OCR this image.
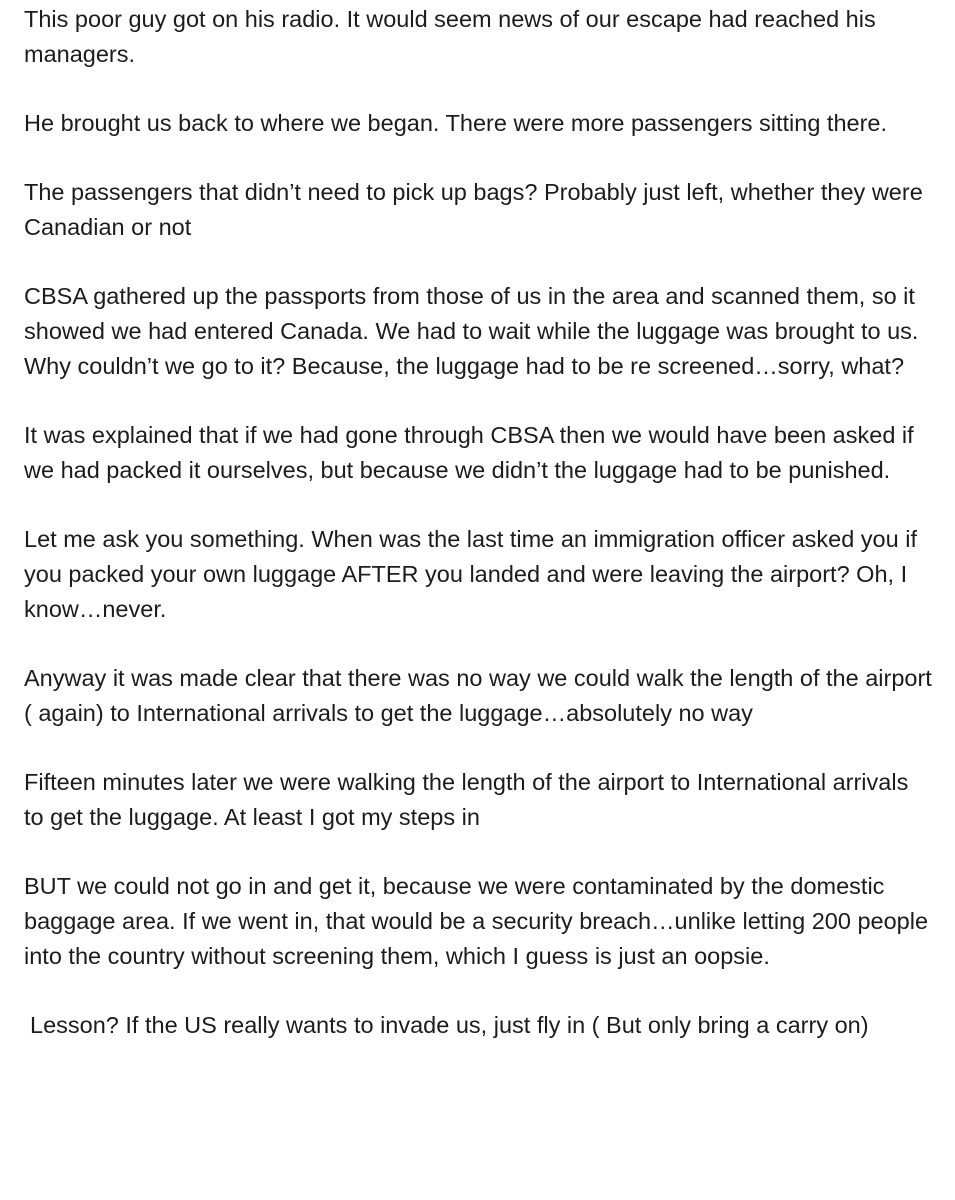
This poor guy got on his radio. It would seem news of our escape had reached his managers.

He brought us back to where we began. There were more passengers sitting there.

The passengers that didn’t need to pick up bags? Probably just left, whether they were Canadian or not

CBSA gathered up the passports from those of us in the area and scanned them, so it showed we had entered Canada. We had to wait while the luggage was brought to us. Why couldn’t we go to it? Because, the luggage had to be re screened…sorry, what?

It was explained that if we had gone through CBSA then we would have been asked if we had packed it ourselves, but because we didn’t the luggage had to be punished.

Let me ask you something. When was the last time an immigration officer asked you if you packed your own luggage AFTER you landed and were leaving the airport? Oh, I know…never.

Anyway it was made clear that there was no way we could walk the length of the airport ( again) to International arrivals to get the luggage…absolutely no way

Fifteen minutes later we were walking the length of the airport to International arrivals to get the luggage. At least I got my steps in

BUT we could not go in and get it, because we were contaminated by the domestic baggage area. If we went in, that would be a security breach…unlike letting 200 people into the country without screening them, which I guess is just an oopsie.

Lesson? If the US really wants to invade us, just fly in ( But only bring a carry on)
